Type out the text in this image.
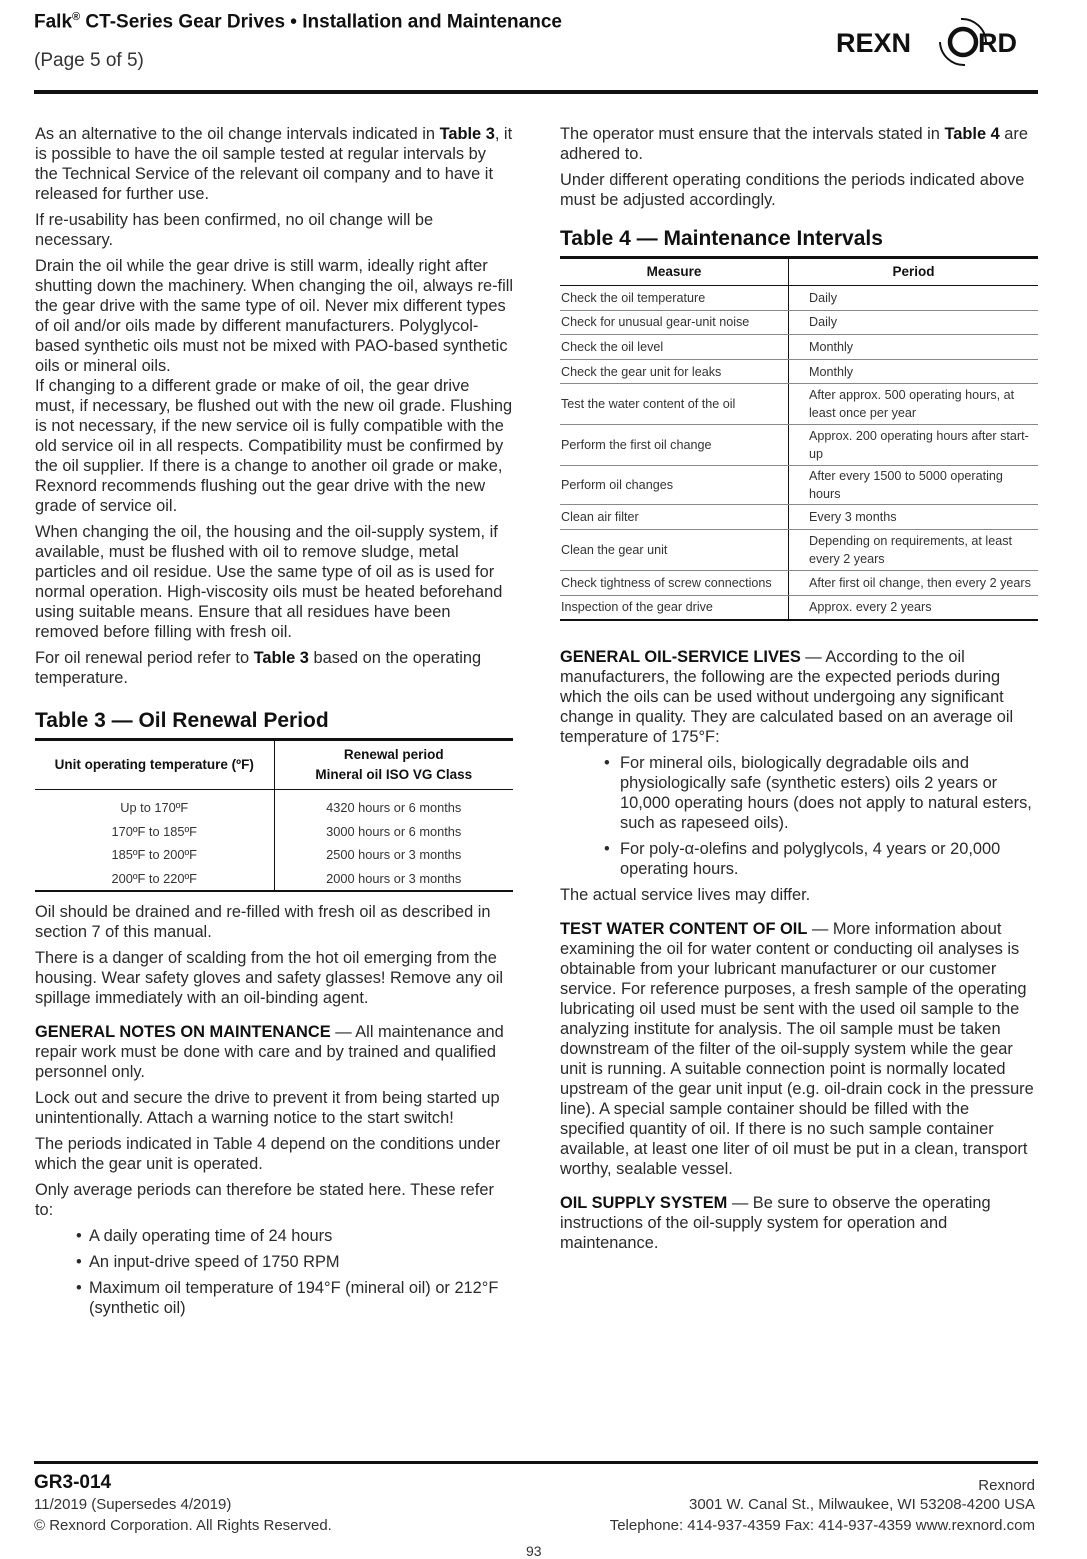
Falk® CT-Series Gear Drives • Installation and Maintenance
(Page 5 of 5)
REXN RD

As an alternative to the oil change intervals indicated in Table 3, it is possible to have the oil sample tested at regular intervals by the Technical Service of the relevant oil company and to have it released for further use.

If re-usability has been confirmed, no oil change will be necessary.

Drain the oil while the gear drive is still warm, ideally right after shutting down the machinery. When changing the oil, always re-fill the gear drive with the same type of oil. Never mix different types of oil and/or oils made by different manufacturers. Polyglycol-based synthetic oils must not be mixed with PAO-based synthetic oils or mineral oils.

If changing to a different grade or make of oil, the gear drive must, if necessary, be flushed out with the new oil grade. Flushing is not necessary, if the new service oil is fully compatible with the old service oil in all respects. Compatibility must be confirmed by the oil supplier. If there is a change to another oil grade or make, Rexnord recommends flushing out the gear drive with the new grade of service oil.

When changing the oil, the housing and the oil-supply system, if available, must be flushed with oil to remove sludge, metal particles and oil residue. Use the same type of oil as is used for normal operation. High-viscosity oils must be heated beforehand using suitable means. Ensure that all residues have been removed before filling with fresh oil.

For oil renewal period refer to Table 3 based on the operating temperature.

Table 3 — Oil Renewal Period
Unit operating temperature (ºF)	Renewal period
Mineral oil ISO VG Class
Up to 170ºF	4320 hours or 6 months
170ºF to 185ºF	3000 hours or 6 months
185ºF to 200ºF	2500 hours or 3 months
200ºF to 220ºF	2000 hours or 3 months

Oil should be drained and re-filled with fresh oil as described in section 7 of this manual.

There is a danger of scalding from the hot oil emerging from the housing. Wear safety gloves and safety glasses! Remove any oil spillage immediately with an oil-binding agent.

GENERAL NOTES ON MAINTENANCE — All maintenance and repair work must be done with care and by trained and qualified personnel only.

Lock out and secure the drive to prevent it from being started up unintentionally. Attach a warning notice to the start switch!

The periods indicated in Table 4 depend on the conditions under which the gear unit is operated.

Only average periods can therefore be stated here. These refer to:

• A daily operating time of 24 hours
• An input-drive speed of 1750 RPM
• Maximum oil temperature of 194°F (mineral oil) or 212°F (synthetic oil)

The operator must ensure that the intervals stated in Table 4 are adhered to.

Under different operating conditions the periods indicated above must be adjusted accordingly.

Table 4 — Maintenance Intervals
Measure	Period
Check the oil temperature	Daily
Check for unusual gear-unit noise	Daily
Check the oil level	Monthly
Check the gear unit for leaks	Monthly
Test the water content of the oil	After approx. 500 operating hours, at least once per year
Perform the first oil change	Approx. 200 operating hours after start-up
Perform oil changes	After every 1500 to 5000 operating hours
Clean air filter	Every 3 months
Clean the gear unit	Depending on requirements, at least every 2 years
Check tightness of screw connections	After first oil change, then every 2 years
Inspection of the gear drive	Approx. every 2 years

GENERAL OIL-SERVICE LIVES — According to the oil manufacturers, the following are the expected periods during which the oils can be used without undergoing any significant change in quality. They are calculated based on an average oil temperature of 175°F:

• For mineral oils, biologically degradable oils and physiologically safe (synthetic esters) oils 2 years or 10,000 operating hours (does not apply to natural esters, such as rapeseed oils).
• For poly-α-olefins and polyglycols, 4 years or 20,000 operating hours.

The actual service lives may differ.

TEST WATER CONTENT OF OIL — More information about examining the oil for water content or conducting oil analyses is obtainable from your lubricant manufacturer or our customer service. For reference purposes, a fresh sample of the operating lubricating oil used must be sent with the used oil sample to the analyzing institute for analysis. The oil sample must be taken downstream of the filter of the oil-supply system while the gear unit is running. A suitable connection point is normally located upstream of the gear unit input (e.g. oil-drain cock in the pressure line). A special sample container should be filled with the specified quantity of oil. If there is no such sample container available, at least one liter of oil must be put in a clean, transport worthy, sealable vessel.

OIL SUPPLY SYSTEM — Be sure to observe the operating instructions of the oil-supply system for operation and maintenance.

GR3-014
11/2019 (Supersedes 4/2019)
© Rexnord Corporation. All Rights Reserved.
Rexnord
3001 W. Canal St., Milwaukee, WI 53208-4200 USA
Telephone: 414-937-4359 Fax: 414-937-4359 www.rexnord.com
93
